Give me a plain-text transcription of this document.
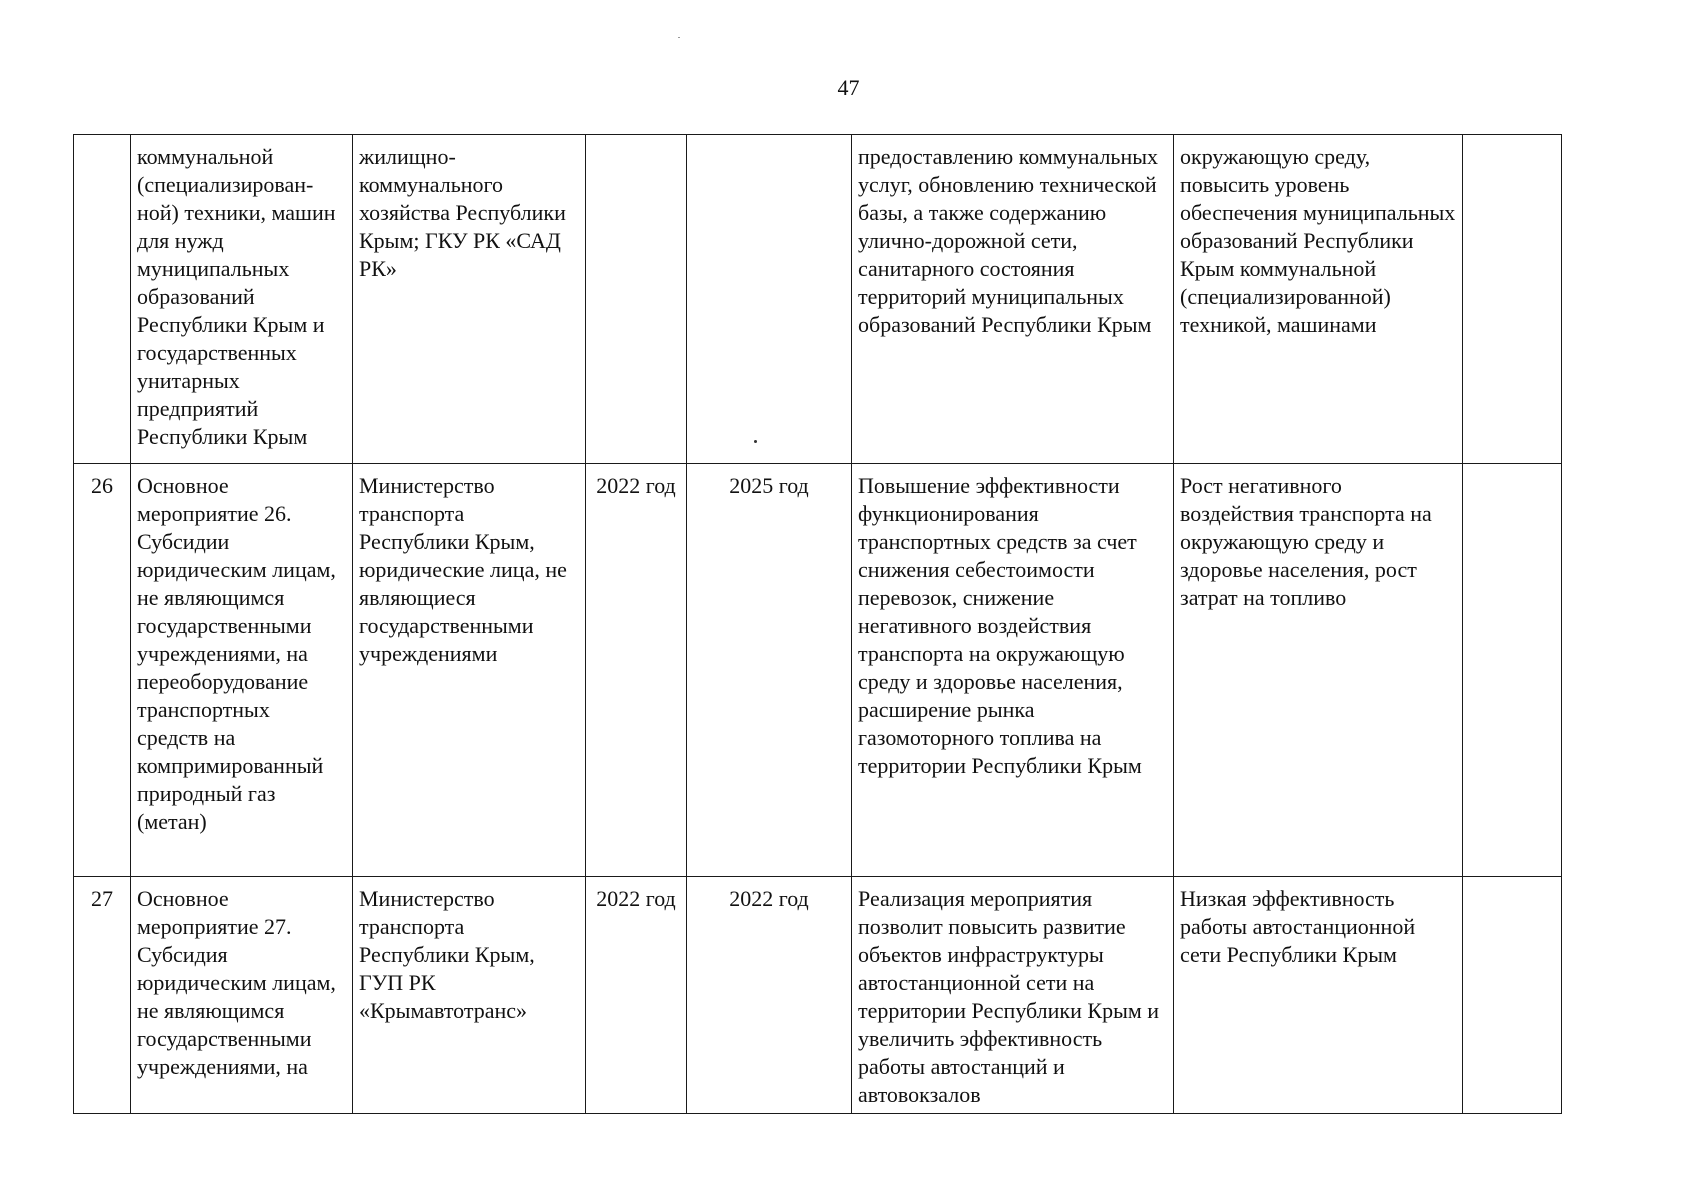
47
	коммунальной (специализирован-ной) техники, машин для нужд муниципальных образований Республики Крым и государственных унитарных предприятий Республики Крым	жилищно-коммунального хозяйства Республики Крым; ГКУ РК «САД РК»			предоставлению коммунальных услуг, обновлению технической базы, а также содержанию улично-дорожной сети, санитарного состояния территорий муниципальных образований Республики Крым	окружающую среду, повысить уровень обеспечения муниципальных образований Республики Крым коммунальной (специализированной) техникой, машинами	
26	Основное мероприятие 26. Субсидии юридическим лицам, не являющимся государственными учреждениями, на переоборудование транспортных средств на компримированный природный газ (метан)	Министерство транспорта Республики Крым, юридические лица, не являющиеся государственными учреждениями	2022 год	2025 год	Повышение эффективности функционирования транспортных средств за счет снижения себестоимости перевозок, снижение негативного воздействия транспорта на окружающую среду и здоровье населения, расширение рынка газомоторного топлива на территории Республики Крым	Рост негативного воздействия транспорта на окружающую среду и здоровье населения, рост затрат на топливо	
27	Основное мероприятие 27. Субсидия юридическим лицам, не являющимся государственными учреждениями, на	Министерство транспорта Республики Крым, ГУП РК «Крымавтотранс»	2022 год	2022 год	Реализация мероприятия позволит повысить развитие объектов инфраструктуры автостанционной сети на территории Республики Крым и увеличить эффективность работы автостанций и автовокзалов	Низкая эффективность работы автостанционной сети Республики Крым	
